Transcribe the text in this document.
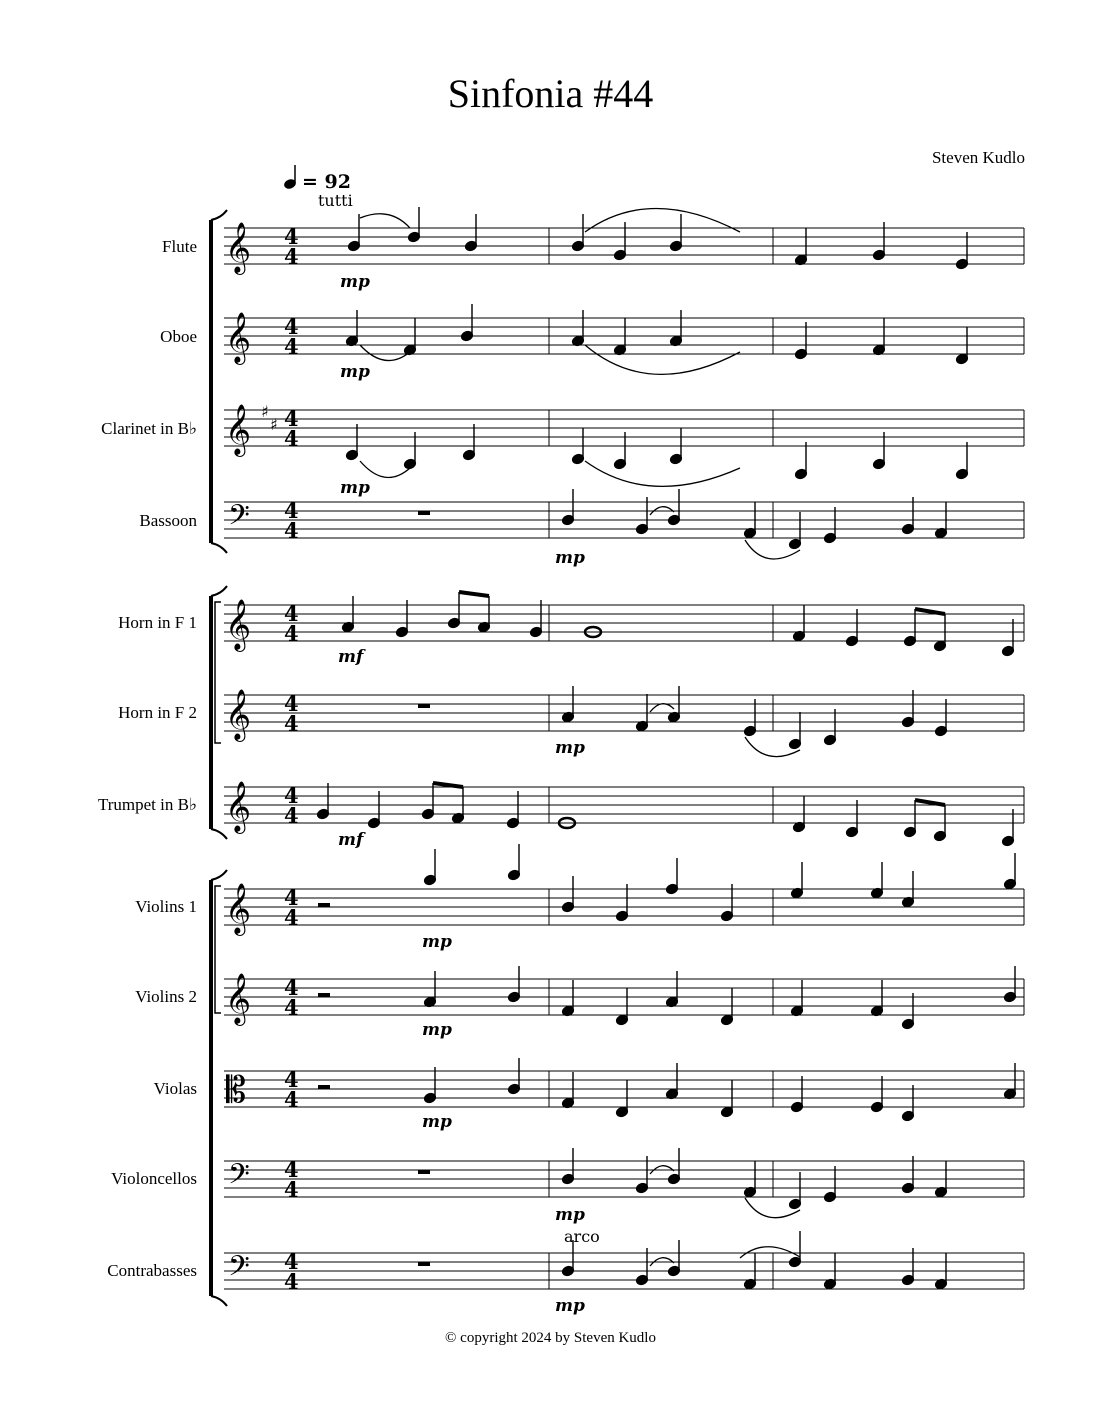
Sinfonia #44
Steven Kudlo
Flute
Oboe
Clarinet in B♭
Bassoon
Horn in F 1
Horn in F 2
Trumpet in B♭
Violins 1
Violins 2
Violas
Violoncellos
Contrabasses
= 92
tutti
arco
𝄞 4
4
mp
𝄞 4
4
mp
𝄞 ♯
♯ 4
4
mp
𝄢 4
4
mp
𝄞 4
4
mf
𝄞 4
4
mp
𝄞 4
4
mf
𝄞 4
4
mp
𝄞 4
4
mp
𝄡 4
4
mp
𝄢 4
4
mp
𝄢 4
4
mp
© copyright 2024 by Steven Kudlo
